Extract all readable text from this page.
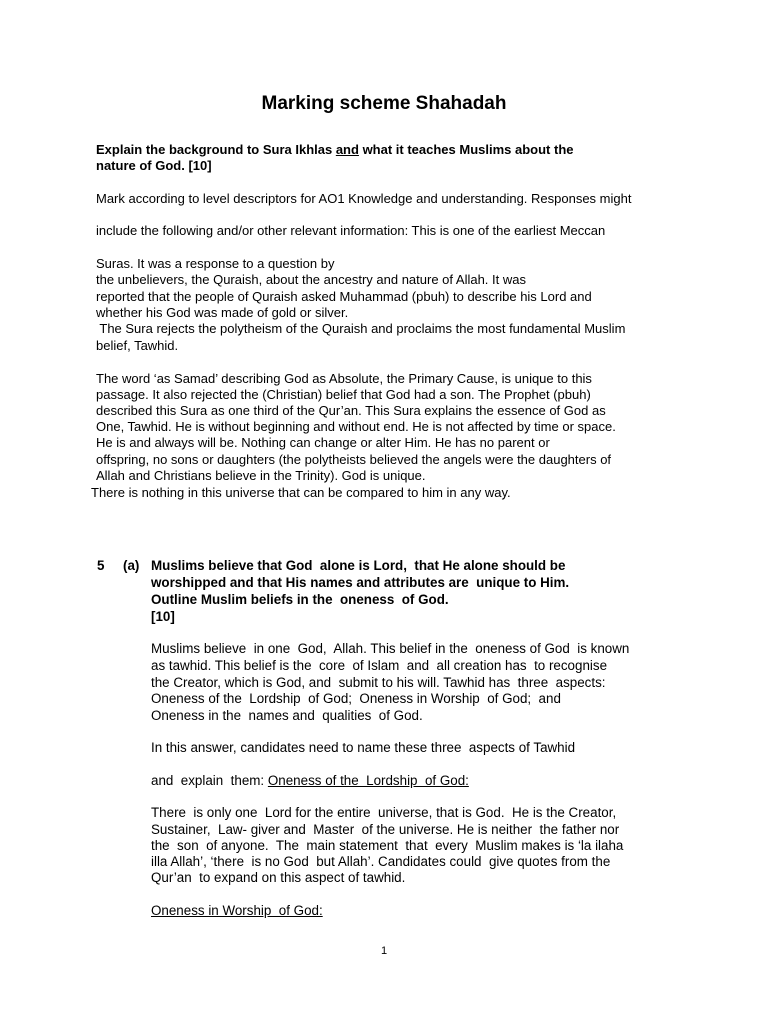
Marking scheme Shahadah
Explain the background to Sura Ikhlas and what it teaches Muslims about the
nature of God. [10]
Mark according to level descriptors for AO1 Knowledge and understanding. Responses might
include the following and/or other relevant information: This is one of the earliest Meccan
Suras. It was a response to a question by
the unbelievers, the Quraish, about the ancestry and nature of Allah. It was
reported that the people of Quraish asked Muhammad (pbuh) to describe his Lord and
whether his God was made of gold or silver.
The Sura rejects the polytheism of the Quraish and proclaims the most fundamental Muslim
belief, Tawhid.
The word ‘as Samad’ describing God as Absolute, the Primary Cause, is unique to this
passage. It also rejected the (Christian) belief that God had a son. The Prophet (pbuh)
described this Sura as one third of the Qur’an. This Sura explains the essence of God as
One, Tawhid. He is without beginning and without end. He is not affected by time or space.
He is and always will be. Nothing can change or alter Him. He has no parent or
offspring, no sons or daughters (the polytheists believed the angels were the daughters of
Allah and Christians believe in the Trinity). God is unique.
There is nothing in this universe that can be compared to him in any way.
5 (a) Muslims believe that God  alone is Lord,  that He alone should be
worshipped and that His names and attributes are  unique to Him.
Outline Muslim beliefs in the  oneness  of God.
[10]
Muslims believe  in one  God,  Allah. This belief in the  oneness of God  is known
as tawhid. This belief is the  core  of Islam  and  all creation has  to recognise
the Creator, which is God, and  submit to his will. Tawhid has  three  aspects:
Oneness of the  Lordship  of God;  Oneness in Worship  of God;  and
Oneness in the  names and  qualities  of God.
In this answer, candidates need to name these three  aspects of Tawhid
and  explain  them: Oneness of the  Lordship  of God:
There  is only one  Lord for the entire  universe, that is God.  He is the Creator,
Sustainer,  Law- giver and  Master  of the universe. He is neither  the father nor
the  son  of anyone.  The  main statement  that  every  Muslim makes is ‘la ilaha
illa Allah’, ‘there  is no God  but Allah’. Candidates could  give quotes from the
Qur’an  to expand on this aspect of tawhid.
Oneness in Worship  of God:
1
